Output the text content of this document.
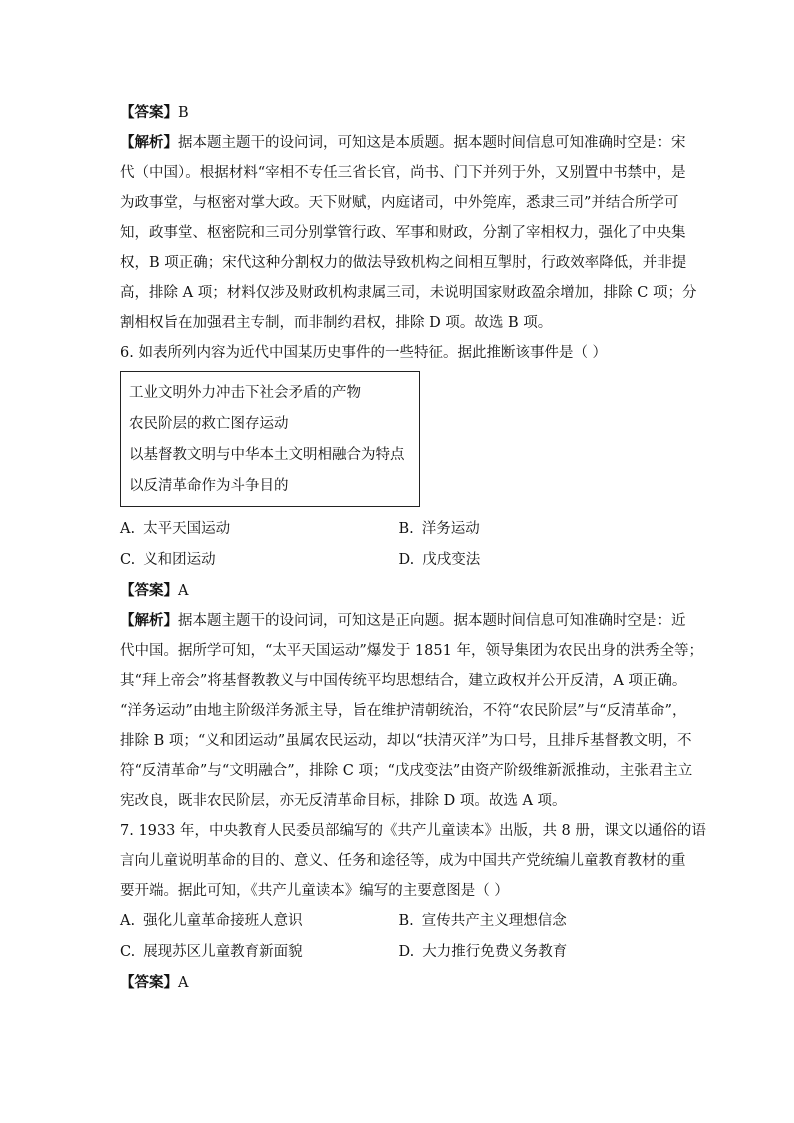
【答案】B
【解析】据本题主题干的设问词，可知这是本质题。据本题时间信息可知准确时空是：宋
代（中国）。根据材料“宰相不专任三省长官，尚书、门下并列于外，又别置中书禁中，是
为政事堂，与枢密对掌大政。天下财赋，内庭诸司，中外筦库，悉隶三司”并结合所学可
知，政事堂、枢密院和三司分别掌管行政、军事和财政，分割了宰相权力，强化了中央集
权，B 项正确；宋代这种分割权力的做法导致机构之间相互掣肘，行政效率降低，并非提
高，排除 A 项；材料仅涉及财政机构隶属三司，未说明国家财政盈余增加，排除 C 项；分
割相权旨在加强君主专制，而非制约君权，排除 D 项。故选 B 项。
6. 如表所列内容为近代中国某历史事件的一些特征。据此推断该事件是（ ）
工业文明外力冲击下社会矛盾的产物
农民阶层的救亡图存运动
以基督教文明与中华本土文明相融合为特点
以反清革命作为斗争目的
A. 太平天国运动	B. 洋务运动
C. 义和团运动	D. 戊戌变法
【答案】A
【解析】据本题主题干的设问词，可知这是正向题。据本题时间信息可知准确时空是：近
代中国。据所学可知，“太平天国运动”爆发于 1851 年，领导集团为农民出身的洪秀全等；
其“拜上帝会”将基督教教义与中国传统平均思想结合，建立政权并公开反清，A 项正确。
“洋务运动”由地主阶级洋务派主导，旨在维护清朝统治，不符“农民阶层”与“反清革命”，
排除 B 项；“义和团运动”虽属农民运动，却以“扶清灭洋”为口号，且排斥基督教文明，不
符“反清革命”与“文明融合”，排除 C 项；“戊戌变法”由资产阶级维新派推动，主张君主立
宪改良，既非农民阶层，亦无反清革命目标，排除 D 项。故选 A 项。
7. 1933 年，中央教育人民委员部编写的《共产儿童读本》出版，共 8 册，课文以通俗的语
言向儿童说明革命的目的、意义、任务和途径等，成为中国共产党统编儿童教育教材的重
要开端。据此可知，《共产儿童读本》编写的主要意图是（ ）
A. 强化儿童革命接班人意识	B. 宣传共产主义理想信念
C. 展现苏区儿童教育新面貌	D. 大力推行免费义务教育
【答案】A
